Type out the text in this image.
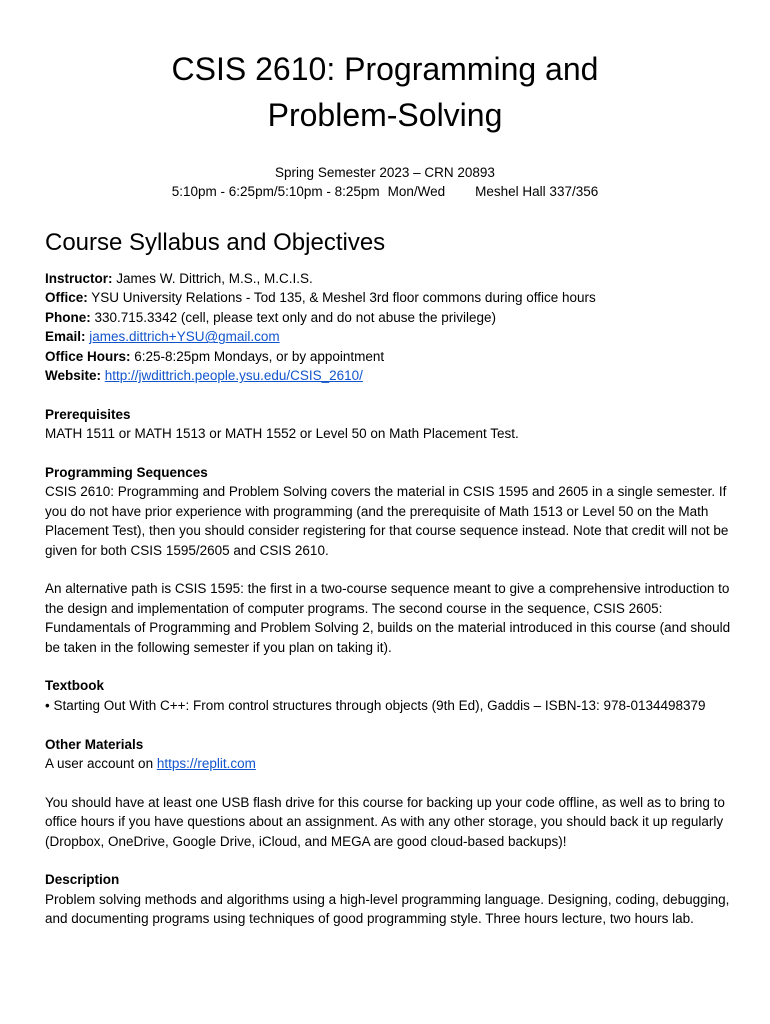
CSIS 2610: Programming and
Problem-Solving
Spring Semester 2023 – CRN 20893
5:10pm - 6:25pm/5:10pm - 8:25pm Mon/Wed Meshel Hall 337/356
Course Syllabus and Objectives

Instructor: James W. Dittrich, M.S., M.C.I.S.

Office: YSU University Relations - Tod 135, & Meshel 3rd floor commons during office hours

Phone: 330.715.3342 (cell, please text only and do not abuse the privilege)

Email: james.dittrich+YSU@gmail.com

Office Hours: 6:25-8:25pm Mondays, or by appointment

Website: http://jwdittrich.people.ysu.edu/CSIS_2610/

Prerequisites

MATH 1511 or MATH 1513 or MATH 1552 or Level 50 on Math Placement Test.

Programming Sequences

CSIS 2610: Programming and Problem Solving covers the material in CSIS 1595 and 2605 in a single semester. If you do not have prior experience with programming (and the prerequisite of Math 1513 or Level 50 on the Math Placement Test), then you should consider registering for that course sequence instead. Note that credit will not be given for both CSIS 1595/2605 and CSIS 2610.

An alternative path is CSIS 1595: the first in a two-course sequence meant to give a comprehensive introduction to the design and implementation of computer programs. The second course in the sequence, CSIS 2605: Fundamentals of Programming and Problem Solving 2, builds on the material introduced in this course (and should be taken in the following semester if you plan on taking it).

Textbook

• Starting Out With C++: From control structures through objects (9th Ed), Gaddis – ISBN-13: 978-0134498379

Other Materials

A user account on https://replit.com

You should have at least one USB flash drive for this course for backing up your code offline, as well as to bring to office hours if you have questions about an assignment. As with any other storage, you should back it up regularly (Dropbox, OneDrive, Google Drive, iCloud, and MEGA are good cloud-based backups)!

Description

Problem solving methods and algorithms using a high-level programming language. Designing, coding, debugging, and documenting programs using techniques of good programming style. Three hours lecture, two hours lab.
